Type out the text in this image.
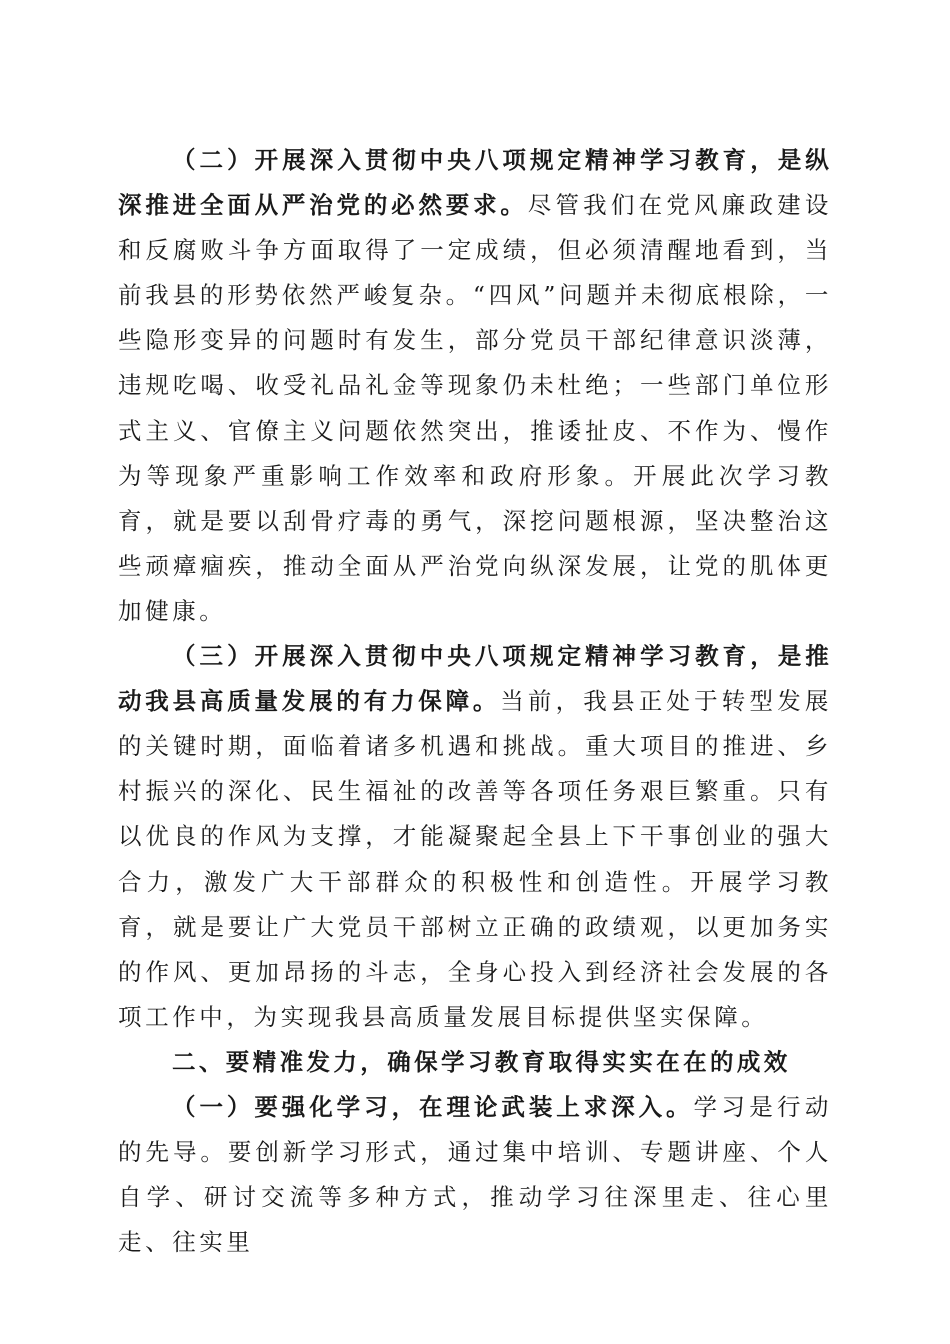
（二）开展深入贯彻中央八项规定精神学习教育，是纵深推进全面从严治党的必然要求。尽管我们在党风廉政建设和反腐败斗争方面取得了一定成绩，但必须清醒地看到，当前我县的形势依然严峻复杂。“四风”问题并未彻底根除，一些隐形变异的问题时有发生，部分党员干部纪律意识淡薄，违规吃喝、收受礼品礼金等现象仍未杜绝；一些部门单位形式主义、官僚主义问题依然突出，推诿扯皮、不作为、慢作为等现象严重影响工作效率和政府形象。开展此次学习教育，就是要以刮骨疗毒的勇气，深挖问题根源，坚决整治这些顽瘴痼疾，推动全面从严治党向纵深发展，让党的肌体更加健康。

（三）开展深入贯彻中央八项规定精神学习教育，是推动我县高质量发展的有力保障。当前，我县正处于转型发展的关键时期，面临着诸多机遇和挑战。重大项目的推进、乡村振兴的深化、民生福祉的改善等各项任务艰巨繁重。只有以优良的作风为支撑，才能凝聚起全县上下干事创业的强大合力，激发广大干部群众的积极性和创造性。开展学习教育，就是要让广大党员干部树立正确的政绩观，以更加务实的作风、更加昂扬的斗志，全身心投入到经济社会发展的各项工作中，为实现我县高质量发展目标提供坚实保障。

二、要精准发力，确保学习教育取得实实在在的成效

（一）要强化学习，在理论武装上求深入。学习是行动的先导。要创新学习形式，通过集中培训、专题讲座、个人自学、研讨交流等多种方式，推动学习往深里走、往心里走、往实里
